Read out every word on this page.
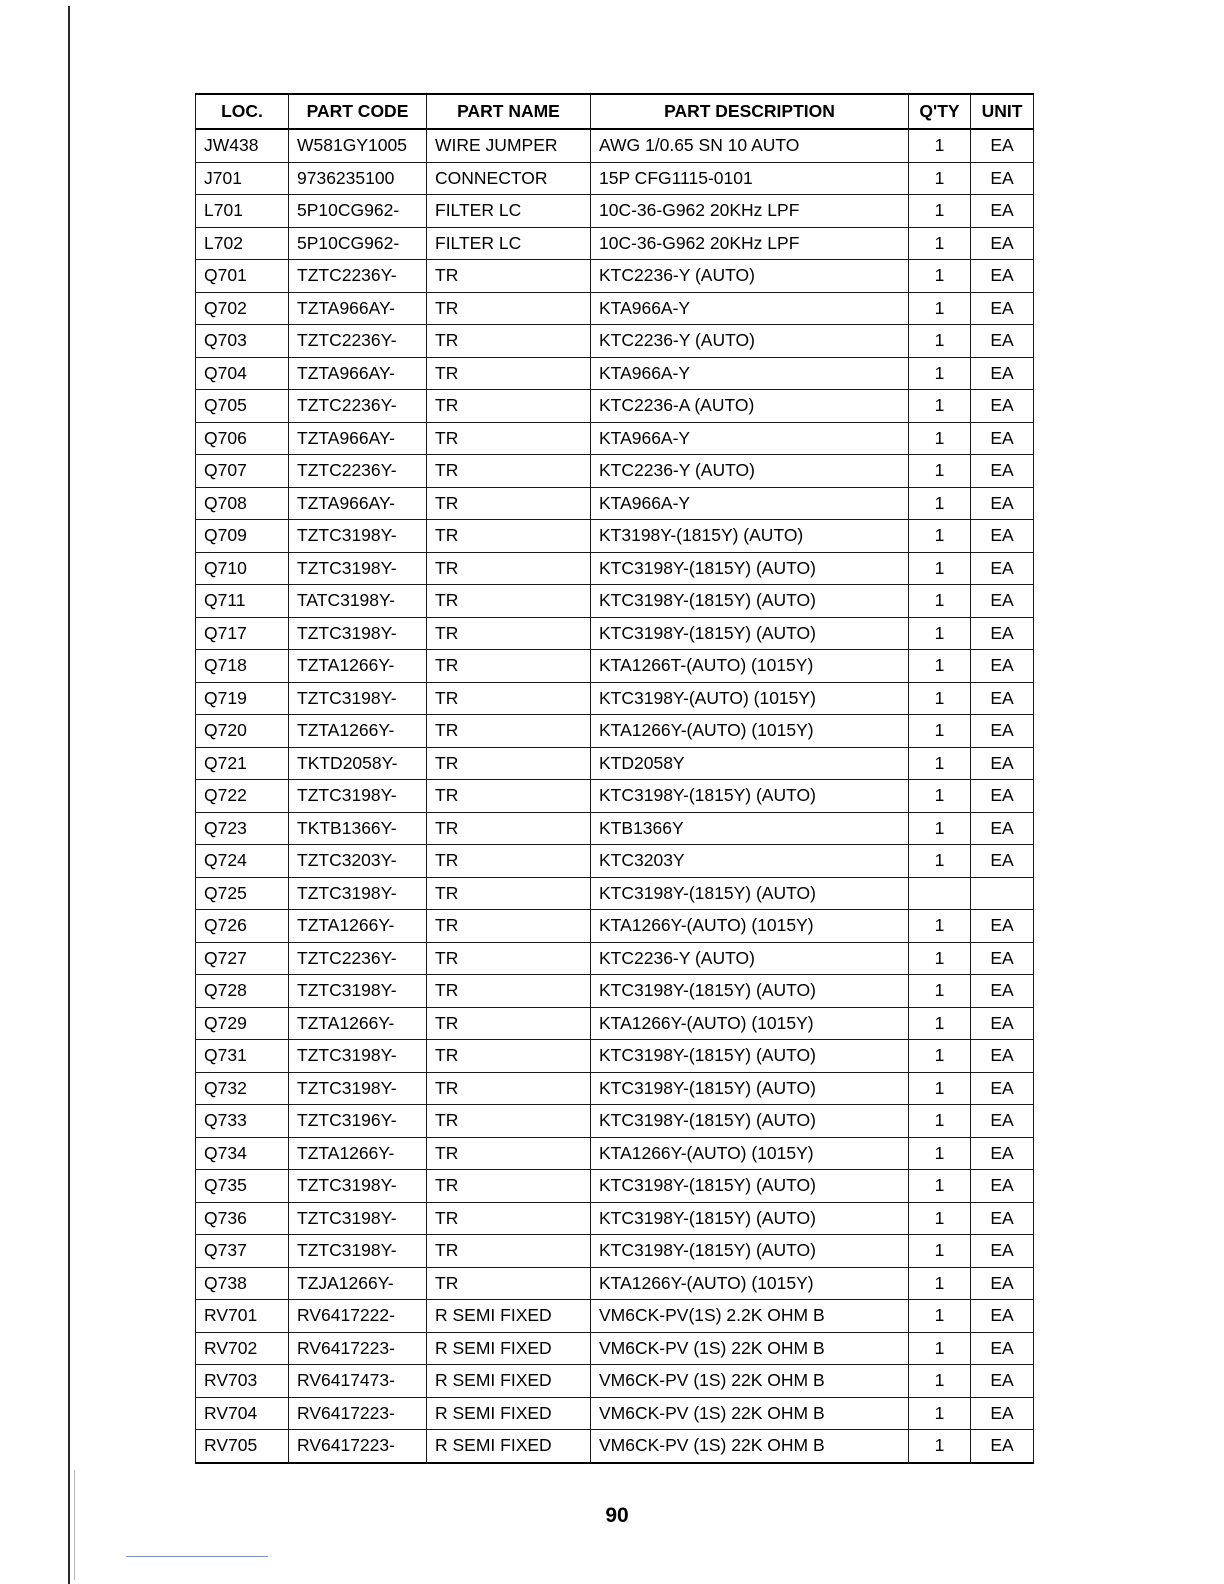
LOC.	PART CODE	PART NAME	PART DESCRIPTION	Q'TY	UNIT
JW438	W581GY1005	WIRE JUMPER	AWG 1/0.65 SN 10 AUTO	1	EA
J701	9736235100	CONNECTOR	15P CFG1115-0101	1	EA
L701	5P10CG962-	FILTER LC	10C-36-G962 20KHz LPF	1	EA
L702	5P10CG962-	FILTER LC	10C-36-G962 20KHz LPF	1	EA
Q701	TZTC2236Y-	TR	KTC2236-Y (AUTO)	1	EA
Q702	TZTA966AY-	TR	KTA966A-Y	1	EA
Q703	TZTC2236Y-	TR	KTC2236-Y (AUTO)	1	EA
Q704	TZTA966AY-	TR	KTA966A-Y	1	EA
Q705	TZTC2236Y-	TR	KTC2236-A (AUTO)	1	EA
Q706	TZTA966AY-	TR	KTA966A-Y	1	EA
Q707	TZTC2236Y-	TR	KTC2236-Y (AUTO)	1	EA
Q708	TZTA966AY-	TR	KTA966A-Y	1	EA
Q709	TZTC3198Y-	TR	KT3198Y-(1815Y) (AUTO)	1	EA
Q710	TZTC3198Y-	TR	KTC3198Y-(1815Y) (AUTO)	1	EA
Q711	TATC3198Y-	TR	KTC3198Y-(1815Y) (AUTO)	1	EA
Q717	TZTC3198Y-	TR	KTC3198Y-(1815Y) (AUTO)	1	EA
Q718	TZTA1266Y-	TR	KTA1266T-(AUTO) (1015Y)	1	EA
Q719	TZTC3198Y-	TR	KTC3198Y-(AUTO) (1015Y)	1	EA
Q720	TZTA1266Y-	TR	KTA1266Y-(AUTO) (1015Y)	1	EA
Q721	TKTD2058Y-	TR	KTD2058Y	1	EA
Q722	TZTC3198Y-	TR	KTC3198Y-(1815Y) (AUTO)	1	EA
Q723	TKTB1366Y-	TR	KTB1366Y	1	EA
Q724	TZTC3203Y-	TR	KTC3203Y	1	EA
Q725	TZTC3198Y-	TR	KTC3198Y-(1815Y) (AUTO)		
Q726	TZTA1266Y-	TR	KTA1266Y-(AUTO) (1015Y)	1	EA
Q727	TZTC2236Y-	TR	KTC2236-Y (AUTO)	1	EA
Q728	TZTC3198Y-	TR	KTC3198Y-(1815Y) (AUTO)	1	EA
Q729	TZTA1266Y-	TR	KTA1266Y-(AUTO) (1015Y)	1	EA
Q731	TZTC3198Y-	TR	KTC3198Y-(1815Y) (AUTO)	1	EA
Q732	TZTC3198Y-	TR	KTC3198Y-(1815Y) (AUTO)	1	EA
Q733	TZTC3196Y-	TR	KTC3198Y-(1815Y) (AUTO)	1	EA
Q734	TZTA1266Y-	TR	KTA1266Y-(AUTO) (1015Y)	1	EA
Q735	TZTC3198Y-	TR	KTC3198Y-(1815Y) (AUTO)	1	EA
Q736	TZTC3198Y-	TR	KTC3198Y-(1815Y) (AUTO)	1	EA
Q737	TZTC3198Y-	TR	KTC3198Y-(1815Y) (AUTO)	1	EA
Q738	TZJA1266Y-	TR	KTA1266Y-(AUTO) (1015Y)	1	EA
RV701	RV6417222-	R SEMI FIXED	VM6CK-PV(1S) 2.2K OHM B	1	EA
RV702	RV6417223-	R SEMI FIXED	VM6CK-PV (1S) 22K OHM B	1	EA
RV703	RV6417473-	R SEMI FIXED	VM6CK-PV (1S) 22K OHM B	1	EA
RV704	RV6417223-	R SEMI FIXED	VM6CK-PV (1S) 22K OHM B	1	EA
RV705	RV6417223-	R SEMI FIXED	VM6CK-PV (1S) 22K OHM B	1	EA
90
